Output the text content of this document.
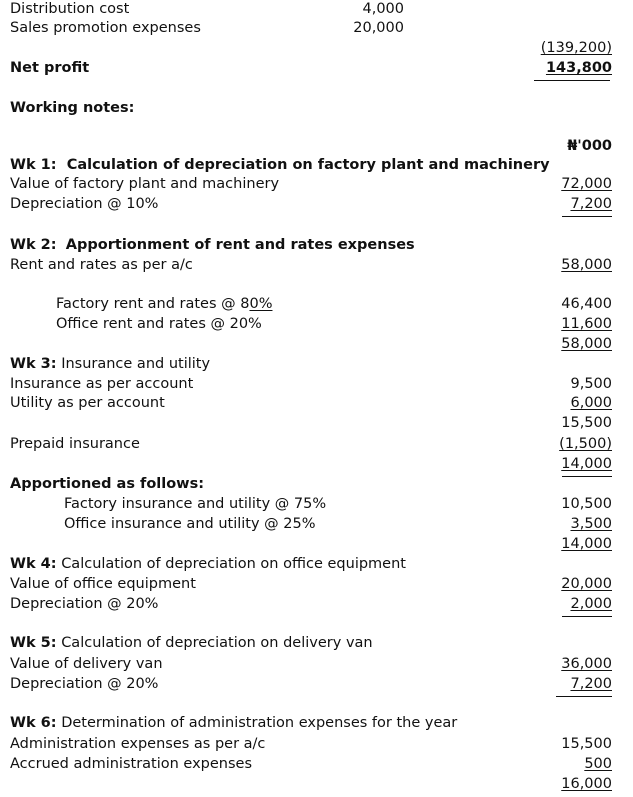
Distribution cost	4,000
Sales promotion expenses	20,000
(139,200)
Net profit	143,800
Working notes:
₦'000
Wk 1: Calculation of depreciation on factory plant and machinery
Value of factory plant and machinery	72,000
Depreciation @ 10%	7,200
Wk 2: Apportionment of rent and rates expenses
Rent and rates as per a/c	58,000
Factory rent and rates @ 80%	46,400
Office rent and rates @ 20%	11,600
58,000
Wk 3: Insurance and utility
Insurance as per account	9,500
Utility as per account	6,000
15,500
Prepaid insurance	(1,500)
14,000
Apportioned as follows:
Factory insurance and utility @ 75%	10,500
Office insurance and utility @ 25%	3,500
14,000
Wk 4: Calculation of depreciation on office equipment
Value of office equipment	20,000
Depreciation @ 20%	2,000
Wk 5: Calculation of depreciation on delivery van
Value of delivery van	36,000
Depreciation @ 20%	7,200
Wk 6: Determination of administration expenses for the year
Administration expenses as per a/c	15,500
Accrued administration expenses	500
16,000
